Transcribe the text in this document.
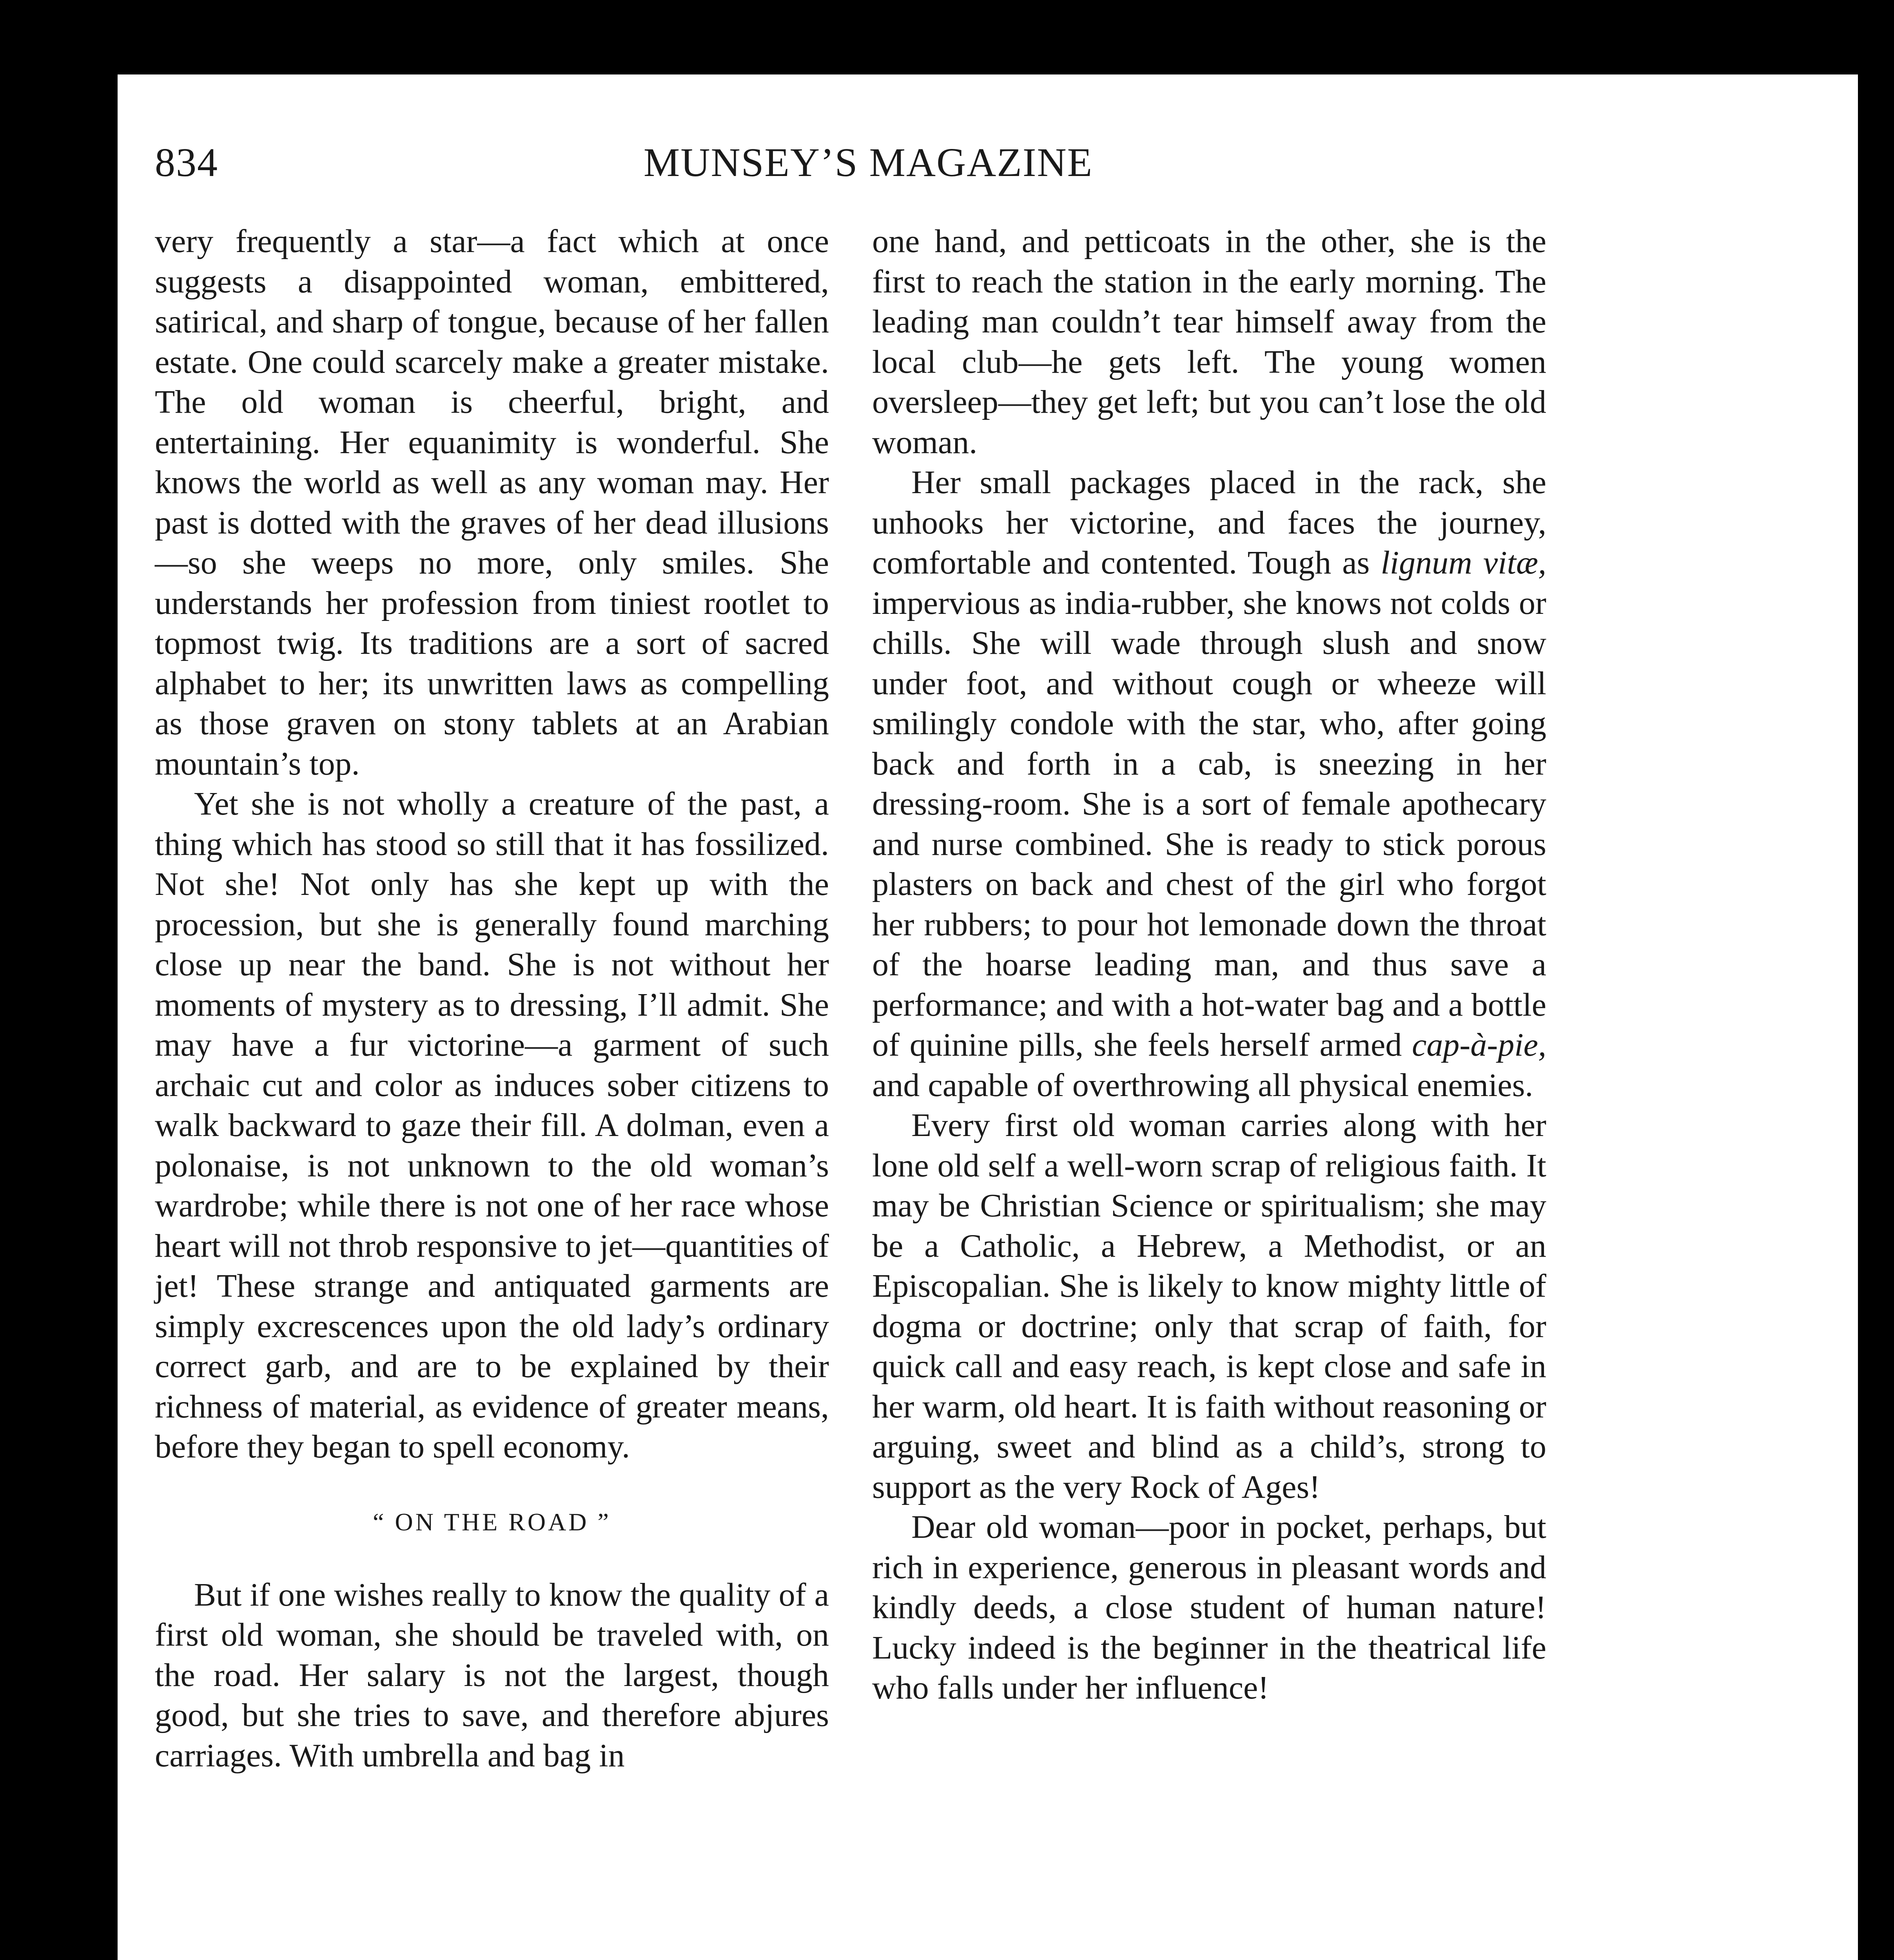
834	MUNSEY’S MAGAZINE

very frequently a star—a fact which at once suggests a disappointed woman, embittered, satirical, and sharp of tongue, because of her fallen estate. One could scarcely make a greater mistake. The old woman is cheerful, bright, and entertaining. Her equanimity is wonderful. She knows the world as well as any woman may. Her past is dotted with the graves of her dead illusions—so she weeps no more, only smiles. She understands her profession from tiniest rootlet to topmost twig. Its traditions are a sort of sacred alphabet to her; its unwritten laws as compelling as those graven on stony tablets at an Arabian mountain’s top.

Yet she is not wholly a creature of the past, a thing which has stood so still that it has fossilized. Not she! Not only has she kept up with the procession, but she is generally found marching close up near the band. She is not without her moments of mystery as to dressing, I’ll admit. She may have a fur victorine—a garment of such archaic cut and color as induces sober citizens to walk backward to gaze their fill. A dolman, even a polonaise, is not unknown to the old woman’s wardrobe; while there is not one of her race whose heart will not throb responsive to jet—quantities of jet! These strange and antiquated garments are simply excrescences upon the old lady’s ordinary correct garb, and are to be explained by their richness of material, as evidence of greater means, before they began to spell economy.

“ ON THE ROAD ”

But if one wishes really to know the quality of a first old woman, she should be traveled with, on the road. Her salary is not the largest, though good, but she tries to save, and therefore abjures carriages. With umbrella and bag in

one hand, and petticoats in the other, she is the first to reach the station in the early morning. The leading man couldn’t tear himself away from the local club—he gets left. The young women oversleep—they get left; but you can’t lose the old woman.

Her small packages placed in the rack, she unhooks her victorine, and faces the journey, comfortable and contented. Tough as lignum vitæ, impervious as india-rubber, she knows not colds or chills. She will wade through slush and snow under foot, and without cough or wheeze will smilingly condole with the star, who, after going back and forth in a cab, is sneezing in her dressing-room. She is a sort of female apothecary and nurse combined. She is ready to stick porous plasters on back and chest of the girl who forgot her rubbers; to pour hot lemonade down the throat of the hoarse leading man, and thus save a performance; and with a hot-water bag and a bottle of quinine pills, she feels herself armed cap-à-pie, and capable of overthrowing all physical enemies.

Every first old woman carries along with her lone old self a well-worn scrap of religious faith. It may be Christian Science or spiritualism; she may be a Catholic, a Hebrew, a Methodist, or an Episcopalian. She is likely to know mighty little of dogma or doctrine; only that scrap of faith, for quick call and easy reach, is kept close and safe in her warm, old heart. It is faith without reasoning or arguing, sweet and blind as a child’s, strong to support as the very Rock of Ages!

Dear old woman—poor in pocket, perhaps, but rich in experience, generous in pleasant words and kindly deeds, a close student of human nature! Lucky indeed is the beginner in the theatrical life who falls under her influence!
